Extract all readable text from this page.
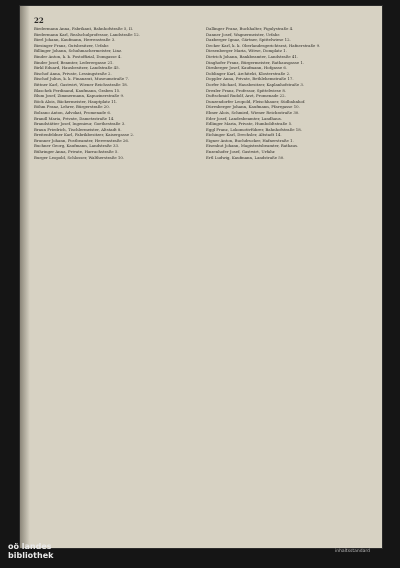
22
Biedermann Anna, Fabrikant, Bahnhofstraße 5, II.
Biedermann Karl, Realschulprofessor, Landstraße 12.
Bierl Johann, Kaufmann, Herrenstraße 3.
Biesinger Franz, Gutsbesitzer, Urfahr.
Billinger Johann, Schuhmachermeister, Linz.
Binder Anton, k. k. Postoffizial, Domgasse 4.
Binder Josef, Beamter, Lederergasse 21.
Birkl Eduard, Hausbesitzer, Landstraße 45.
Bischof Anna, Private, Lessingstraße 2.
Bischof Julius, k. k. Finanzrat, Museumstraße 7.
Bittner Karl, Gastwirt, Wiener Reichsstraße 18.
Blaschek Ferdinand, Kaufmann, Graben 15.
Blum Josef, Zimmermann, Kapuzinerstraße 9.
Böck Alois, Bäckermeister, Hauptplatz 11.
Böhm Franz, Lehrer, Bürgerstraße 20.
Bolzano Anton, Advokat, Promenade 6.
Brandl Maria, Private, Dametzstraße 14.
Brandstätter Josef, Ingenieur, Goethestraße 3.
Braun Friedrich, Tischlermeister, Altstadt 8.
Breitenfeldner Karl, Fabrikbesitzer, Kaisergasse 2.
Brunner Johann, Postbeamter, Herrenstraße 26.
Buchner Georg, Kaufmann, Landstraße 33.
Bühringer Anna, Private, Harrachstraße 5.
Burger Leopold, Schlosser, Waltherstraße 10.
Dallinger Franz, Buchhalter, Figulystraße 4.
Danner Josef, Wagnermeister, Urfahr.
Daxberger Ignaz, Gärtner, Spittelwiese 12.
Decker Karl, k. k. Oberlandesgerichtsrat, Hafnerstraße 9.
Diesenberger Maria, Witwe, Domplatz 1.
Dietrich Johann, Bankbeamter, Landstraße 41.
Dinghofer Franz, Bürgermeister, Rathausgasse 1.
Dirnberger Josef, Kaufmann, Hofgasse 6.
Doblinger Karl, Architekt, Klosterstraße 2.
Doppler Anna, Private, Bethlehemstraße 17.
Dorfer Michael, Hausbesitzer, Kaplanhofstraße 3.
Drexler Franz, Professor, Spittelwiese 8.
Duftschmid Rudolf, Arzt, Promenade 22.
Dunzendorfer Leopold, Fleischhauer, Südbahnhof.
Dürrnberger Johann, Kaufmann, Pfarrgasse 10.
Ebner Alois, Schmied, Wiener Reichsstraße 30.
Eder Josef, Landesbeamter, Landhaus.
Edlinger Maria, Private, Humboldtstraße 5.
Eggl Franz, Lokomotivführer, Bahnhofstraße 18.
Eichinger Karl, Drechsler, Altstadt 14.
Eigner Anton, Buchdrucker, Hafnerstraße 1.
Eisenhut Johann, Magistratsbeamter, Rathaus.
Enzenhofer Josef, Gastwirt, Urfahr.
Ertl Ludwig, Kaufmann, Landstraße 50.
oö landes
bibliothek	inhaltsstandard
